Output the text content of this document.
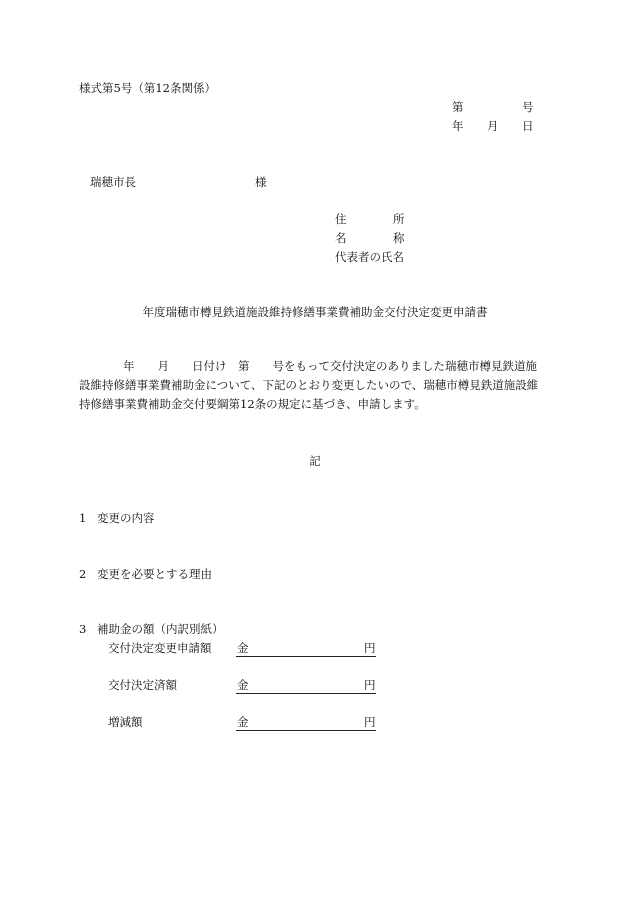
様式第5号（第12条関係）
第	号
年 月 日
瑞穂市長	様
住	所
名	称
代表者の氏名
年度瑞穂市樽見鉄道施設維持修繕事業費補助金交付決定変更申請書
年　　月　　日付け　第　　号をもって交付決定のありました瑞穂市樽見鉄道施
設維持修繕事業費補助金について、下記のとおり変更したいので、瑞穂市樽見鉄道施設維
持修繕事業費補助金交付要綱第12条の規定に基づき、申請します。
記
1 変更の内容
2 変更を必要とする理由
3 補助金の額（内訳別紙）
交付決定変更申請額 金	円
交付決定済額	金	円
増減額	金	円
